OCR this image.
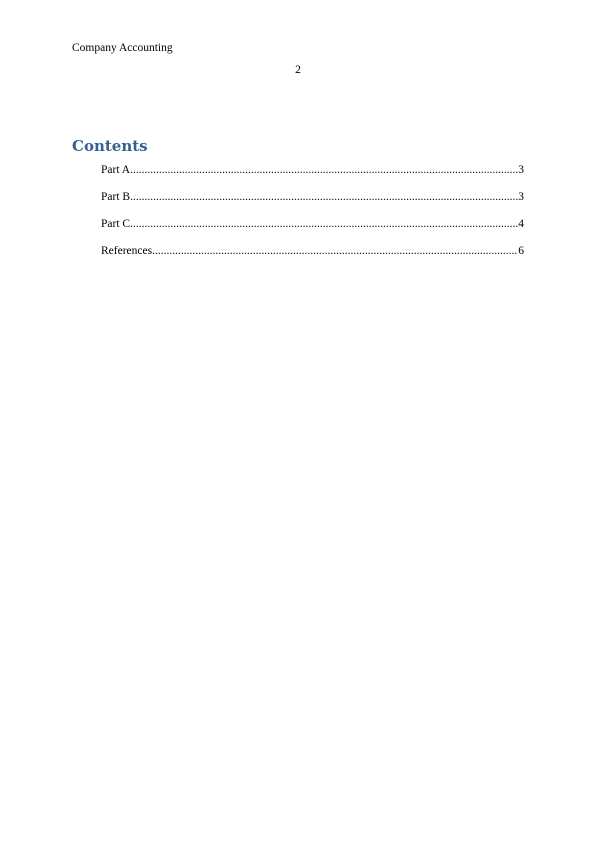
Company Accounting
2
Contents
Part A .....	3
Part B .....	3
Part C .....	4
References .....	6
